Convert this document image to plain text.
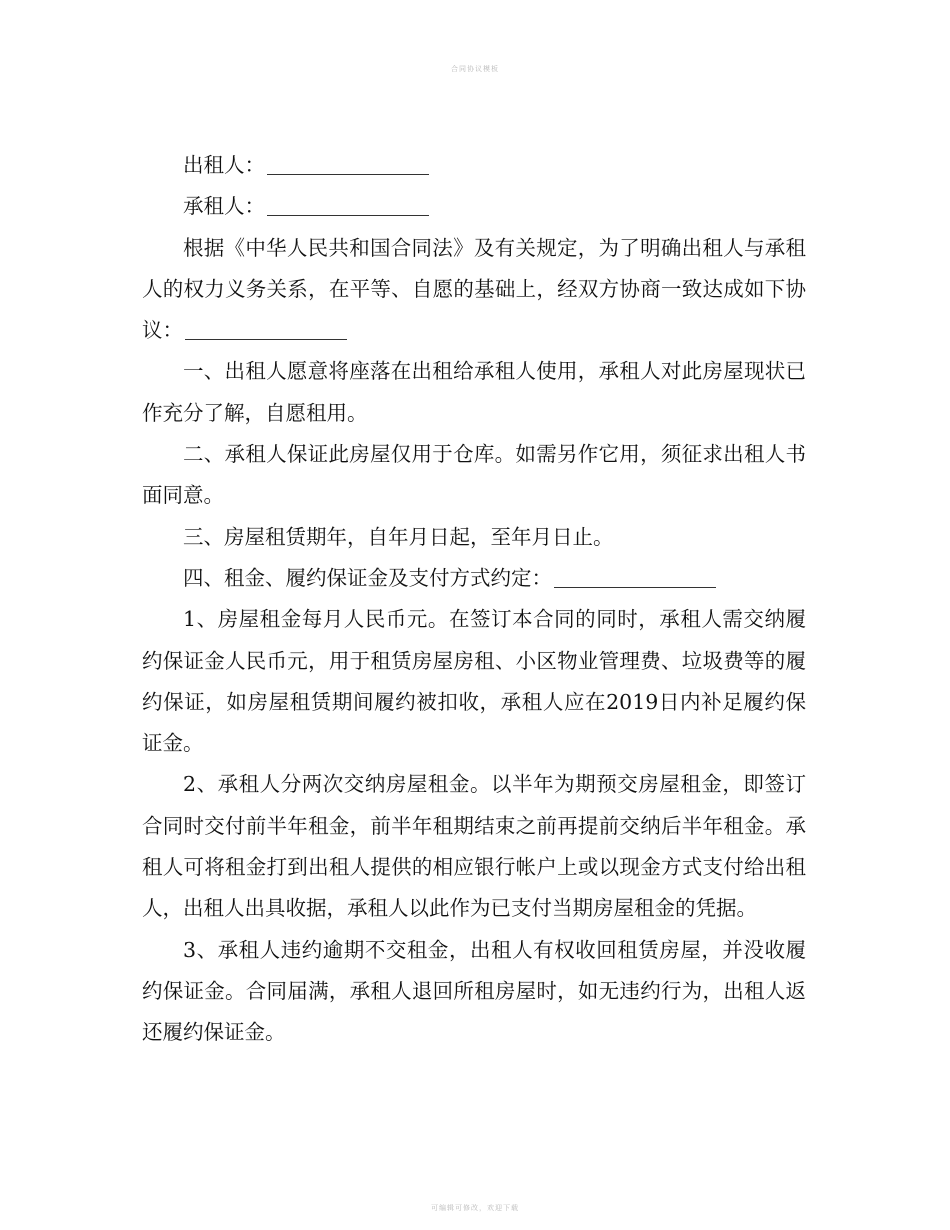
合同协议模板

出租人：

承租人：

根据《中华人民共和国合同法》及有关规定，为了明确出租人与承租人的权力义务关系，在平等、自愿的基础上，经双方协商一致达成如下协议：

一、出租人愿意将座落在出租给承租人使用，承租人对此房屋现状已作充分了解，自愿租用。

二、承租人保证此房屋仅用于仓库。如需另作它用，须征求出租人书面同意。

三、房屋租赁期年，自年月日起，至年月日止。

四、租金、履约保证金及支付方式约定：

1、房屋租金每月人民币元。在签订本合同的同时，承租人需交纳履约保证金人民币元，用于租赁房屋房租、小区物业管理费、垃圾费等的履约保证，如房屋租赁期间履约被扣收，承租人应在2019日内补足履约保证金。

2、承租人分两次交纳房屋租金。以半年为期预交房屋租金，即签订合同时交付前半年租金，前半年租期结束之前再提前交纳后半年租金。承租人可将租金打到出租人提供的相应银行帐户上或以现金方式支付给出租人，出租人出具收据，承租人以此作为已支付当期房屋租金的凭据。

3、承租人违约逾期不交租金，出租人有权收回租赁房屋，并没收履约保证金。合同届满，承租人退回所租房屋时，如无违约行为，出租人返还履约保证金。

可编辑可修改，欢迎下载
